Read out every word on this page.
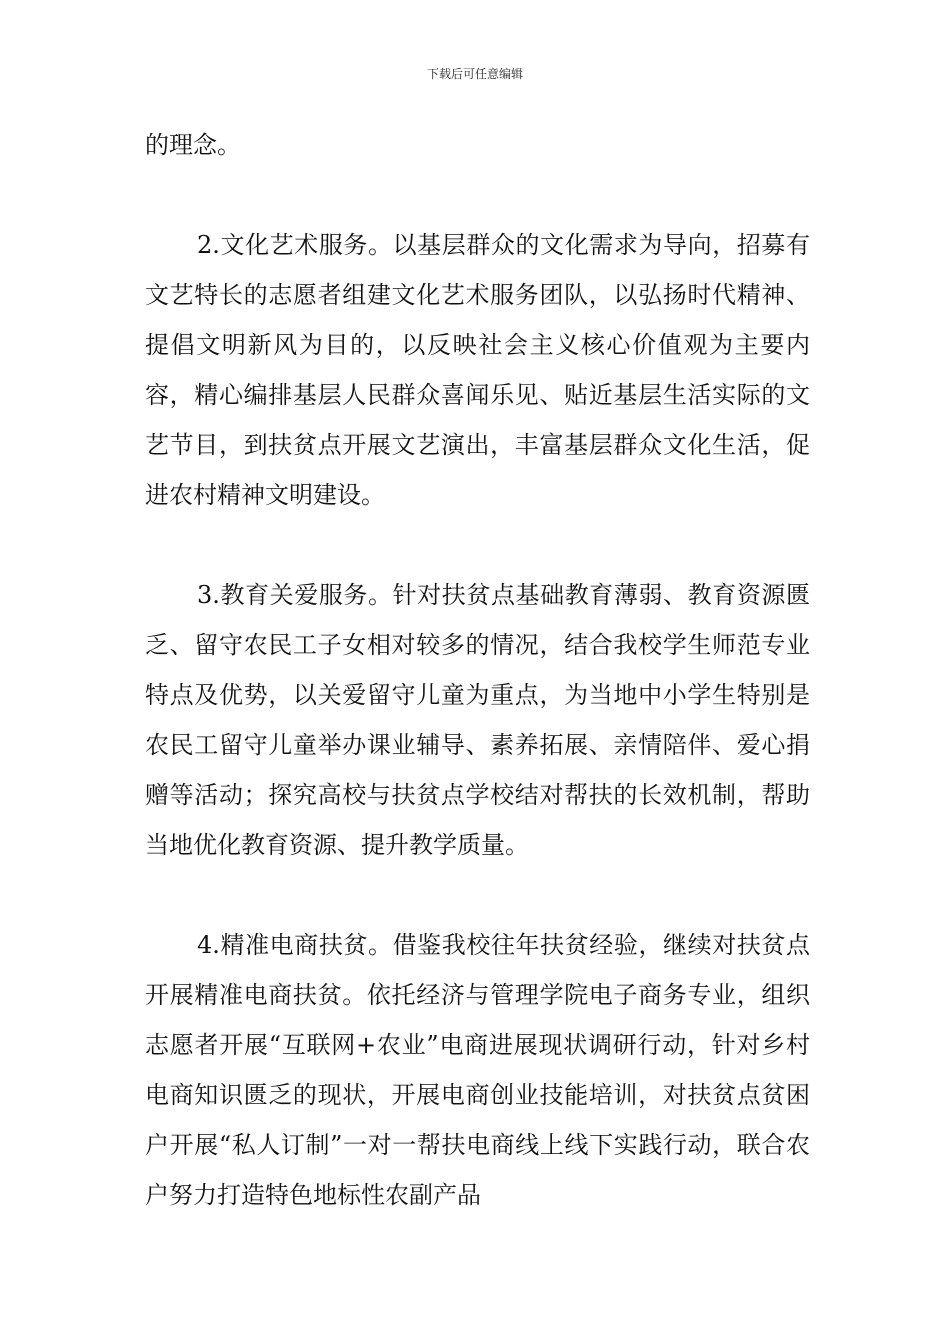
下载后可任意编辑

的理念。

2.文化艺术服务。以基层群众的文化需求为导向，招募有文艺特长的志愿者组建文化艺术服务团队，以弘扬时代精神、提倡文明新风为目的，以反映社会主义核心价值观为主要内容，精心编排基层人民群众喜闻乐见、贴近基层生活实际的文艺节目，到扶贫点开展文艺演出，丰富基层群众文化生活，促进农村精神文明建设。

3.教育关爱服务。针对扶贫点基础教育薄弱、教育资源匮乏、留守农民工子女相对较多的情况，结合我校学生师范专业特点及优势，以关爱留守儿童为重点，为当地中小学生特别是农民工留守儿童举办课业辅导、素养拓展、亲情陪伴、爱心捐赠等活动；探究高校与扶贫点学校结对帮扶的长效机制，帮助当地优化教育资源、提升教学质量。

4.精准电商扶贫。借鉴我校往年扶贫经验，继续对扶贫点开展精准电商扶贫。依托经济与管理学院电子商务专业，组织志愿者开展“互联网+农业”电商进展现状调研行动，针对乡村电商知识匮乏的现状，开展电商创业技能培训，对扶贫点贫困户开展“私人订制”一对一帮扶电商线上线下实践行动，联合农户努力打造特色地标性农副产品
